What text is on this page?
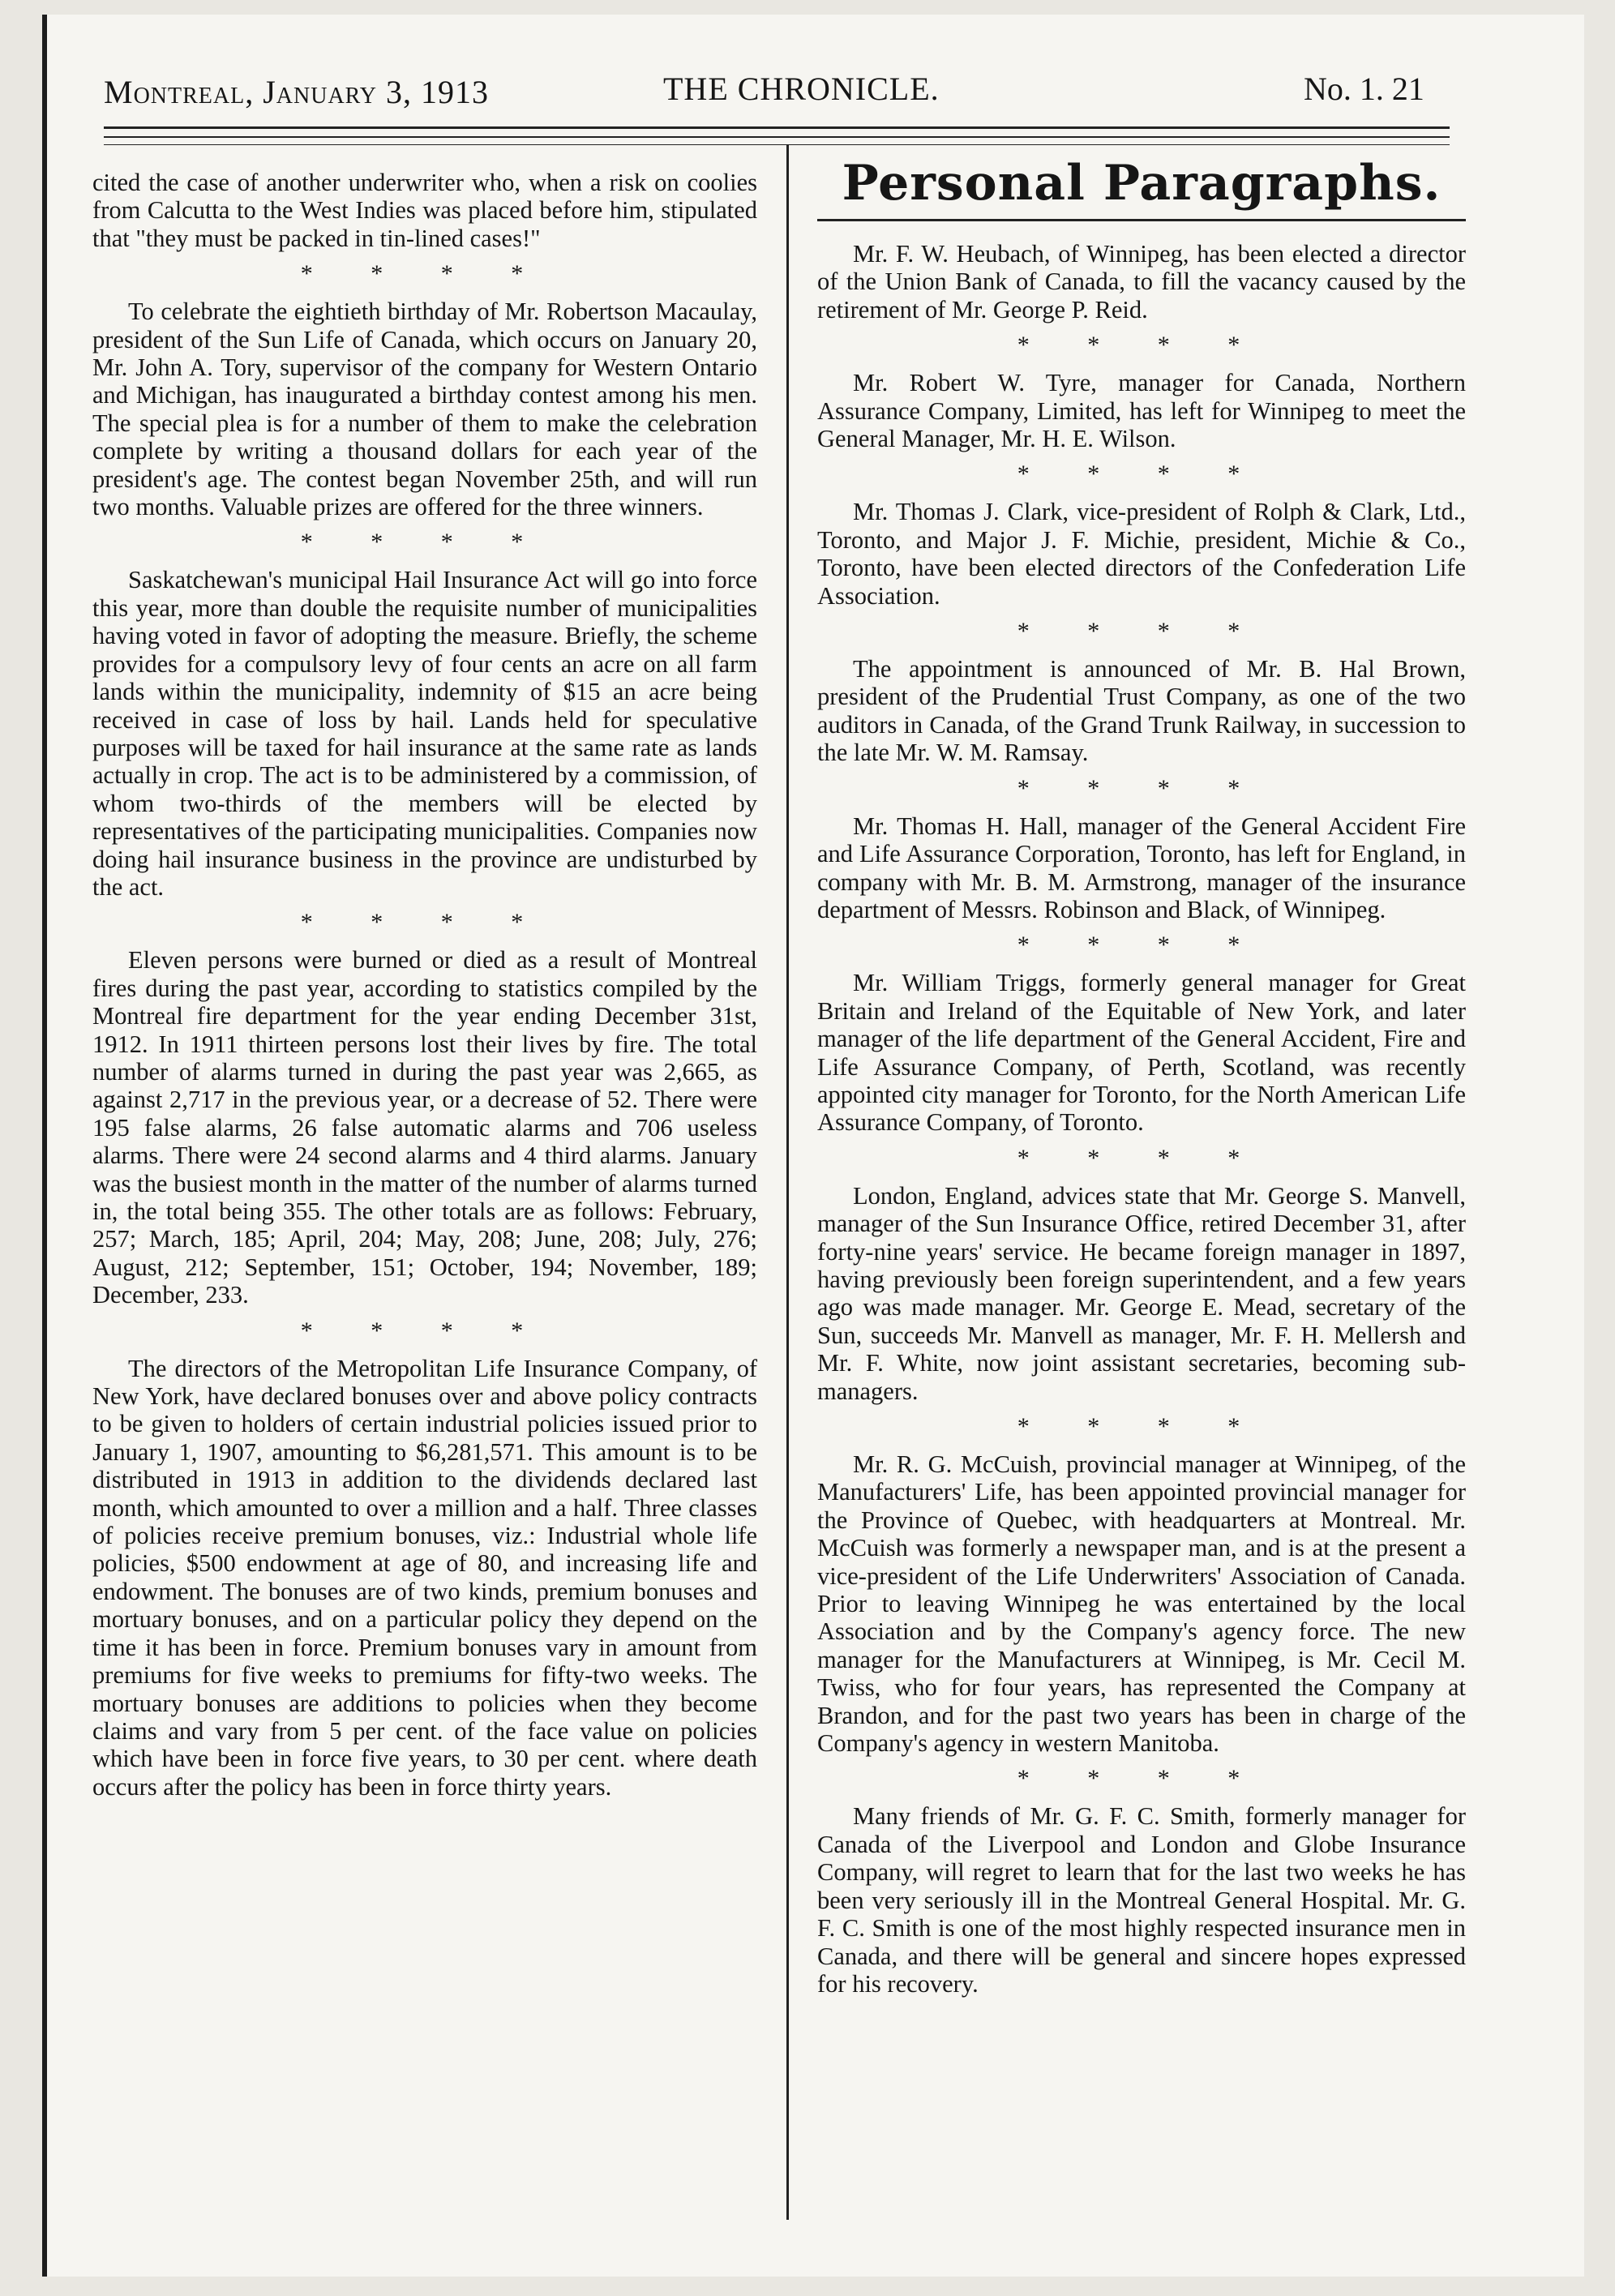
Montreal, January 3, 1913	THE CHRONICLE.	No. 1. 21

cited the case of another underwriter who, when a risk on coolies from Calcutta to the West Indies was placed before him, stipulated that "they must be packed in tin-lined cases!"

* * * *

To celebrate the eightieth birthday of Mr. Robertson Macaulay, president of the Sun Life of Canada, which occurs on January 20, Mr. John A. Tory, supervisor of the company for Western Ontario and Michigan, has inaugurated a birthday contest among his men. The special plea is for a number of them to make the celebration complete by writing a thousand dollars for each year of the president's age. The contest began November 25th, and will run two months. Valuable prizes are offered for the three winners.

* * * *

Saskatchewan's municipal Hail Insurance Act will go into force this year, more than double the requisite number of municipalities having voted in favor of adopting the measure. Briefly, the scheme provides for a compulsory levy of four cents an acre on all farm lands within the municipality, indemnity of $15 an acre being received in case of loss by hail. Lands held for speculative purposes will be taxed for hail insurance at the same rate as lands actually in crop. The act is to be administered by a commission, of whom two-thirds of the members will be elected by representatives of the participating municipalities. Companies now doing hail insurance business in the province are undisturbed by the act.

* * * *

Eleven persons were burned or died as a result of Montreal fires during the past year, according to statistics compiled by the Montreal fire department for the year ending December 31st, 1912. In 1911 thirteen persons lost their lives by fire. The total number of alarms turned in during the past year was 2,665, as against 2,717 in the previous year, or a decrease of 52. There were 195 false alarms, 26 false automatic alarms and 706 useless alarms. There were 24 second alarms and 4 third alarms. January was the busiest month in the matter of the number of alarms turned in, the total being 355. The other totals are as follows: February, 257; March, 185; April, 204; May, 208; June, 208; July, 276; August, 212; September, 151; October, 194; November, 189; December, 233.

* * * *

The directors of the Metropolitan Life Insurance Company, of New York, have declared bonuses over and above policy contracts to be given to holders of certain industrial policies issued prior to January 1, 1907, amounting to $6,281,571. This amount is to be distributed in 1913 in addition to the dividends declared last month, which amounted to over a million and a half. Three classes of policies receive premium bonuses, viz.: Industrial whole life policies, $500 endowment at age of 80, and increasing life and endowment. The bonuses are of two kinds, premium bonuses and mortuary bonuses, and on a particular policy they depend on the time it has been in force. Premium bonuses vary in amount from premiums for five weeks to premiums for fifty-two weeks. The mortuary bonuses are additions to policies when they become claims and vary from 5 per cent. of the face value on policies which have been in force five years, to 30 per cent. where death occurs after the policy has been in force thirty years.

Personal Paragraphs.

Mr. F. W. Heubach, of Winnipeg, has been elected a director of the Union Bank of Canada, to fill the vacancy caused by the retirement of Mr. George P. Reid.

* * * *

Mr. Robert W. Tyre, manager for Canada, Northern Assurance Company, Limited, has left for Winnipeg to meet the General Manager, Mr. H. E. Wilson.

* * * *

Mr. Thomas J. Clark, vice-president of Rolph & Clark, Ltd., Toronto, and Major J. F. Michie, president, Michie & Co., Toronto, have been elected directors of the Confederation Life Association.

* * * *

The appointment is announced of Mr. B. Hal Brown, president of the Prudential Trust Company, as one of the two auditors in Canada, of the Grand Trunk Railway, in succession to the late Mr. W. M. Ramsay.

* * * *

Mr. Thomas H. Hall, manager of the General Accident Fire and Life Assurance Corporation, Toronto, has left for England, in company with Mr. B. M. Armstrong, manager of the insurance department of Messrs. Robinson and Black, of Winnipeg.

* * * *

Mr. William Triggs, formerly general manager for Great Britain and Ireland of the Equitable of New York, and later manager of the life department of the General Accident, Fire and Life Assurance Company, of Perth, Scotland, was recently appointed city manager for Toronto, for the North American Life Assurance Company, of Toronto.

* * * *

London, England, advices state that Mr. George S. Manvell, manager of the Sun Insurance Office, retired December 31, after forty-nine years' service. He became foreign manager in 1897, having previously been foreign superintendent, and a few years ago was made manager. Mr. George E. Mead, secretary of the Sun, succeeds Mr. Manvell as manager, Mr. F. H. Mellersh and Mr. F. White, now joint assistant secretaries, becoming sub-managers.

* * * *

Mr. R. G. McCuish, provincial manager at Winnipeg, of the Manufacturers' Life, has been appointed provincial manager for the Province of Quebec, with headquarters at Montreal. Mr. McCuish was formerly a newspaper man, and is at the present a vice-president of the Life Underwriters' Association of Canada. Prior to leaving Winnipeg he was entertained by the local Association and by the Company's agency force. The new manager for the Manufacturers at Winnipeg, is Mr. Cecil M. Twiss, who for four years, has represented the Company at Brandon, and for the past two years has been in charge of the Company's agency in western Manitoba.

* * * *

Many friends of Mr. G. F. C. Smith, formerly manager for Canada of the Liverpool and London and Globe Insurance Company, will regret to learn that for the last two weeks he has been very seriously ill in the Montreal General Hospital. Mr. G. F. C. Smith is one of the most highly respected insurance men in Canada, and there will be general and sincere hopes expressed for his recovery.
